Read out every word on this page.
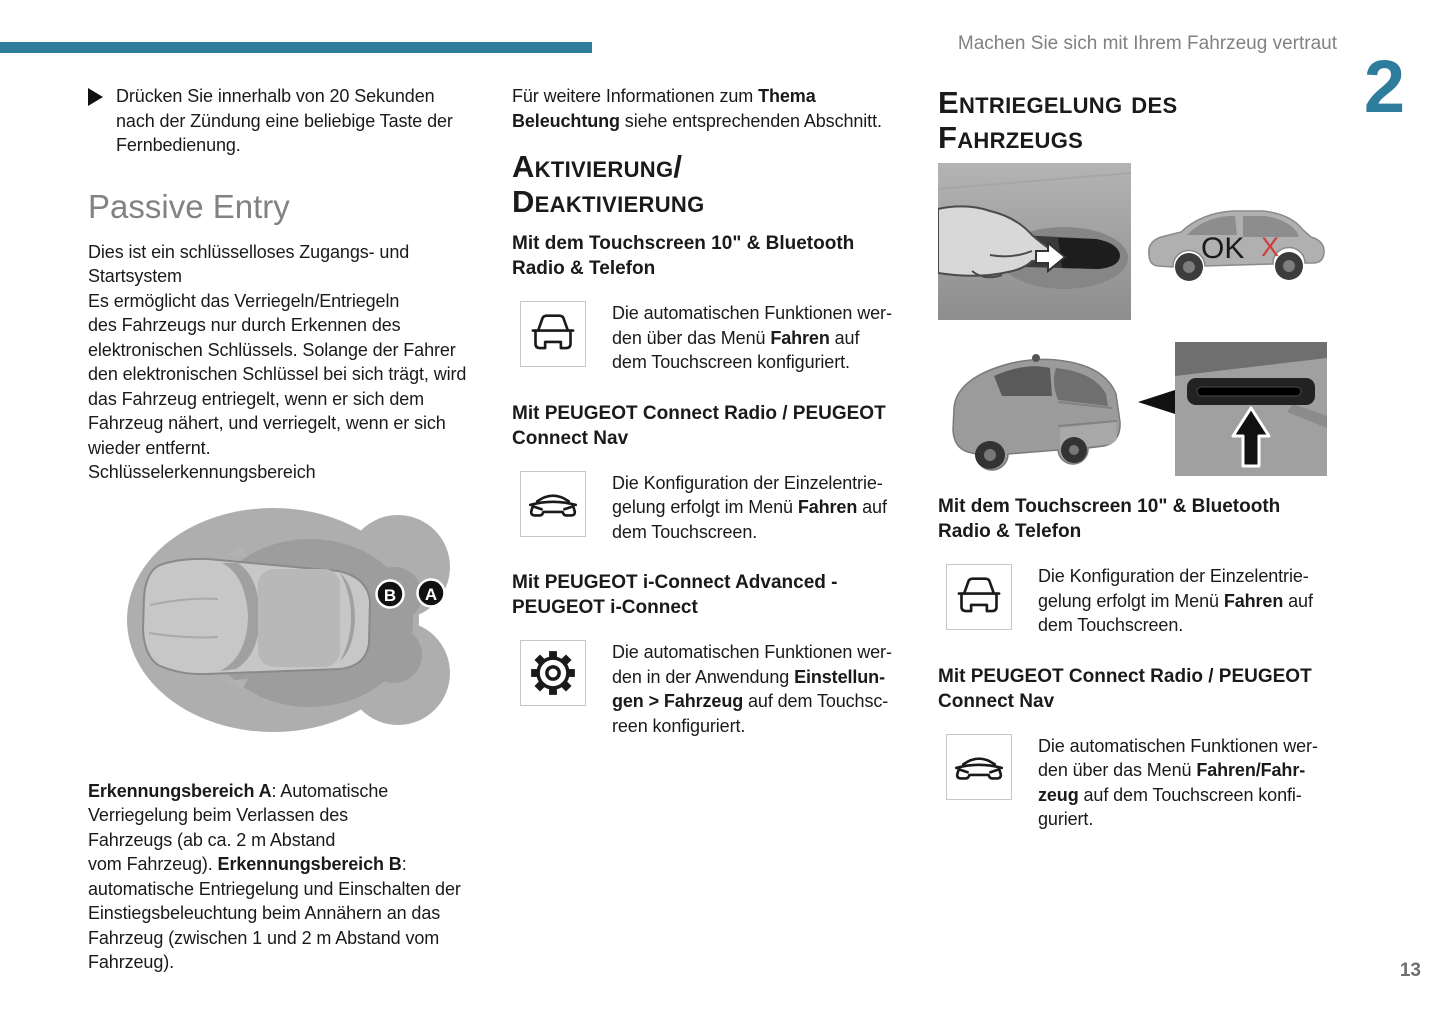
Machen Sie sich mit Ihrem Fahrzeug vertraut
2
13
Drücken Sie innerhalb von 20 Sekunden
nach der Zündung eine beliebige Taste der
Fernbedienung.
Passive Entry
Dies ist ein schlüsselloses Zugangs- und
Startsystem
Es ermöglicht das Verriegeln/Entriegeln
des Fahrzeugs nur durch Erkennen des
elektronischen Schlüssels. Solange der Fahrer
den elektronischen Schlüssel bei sich trägt, wird
das Fahrzeug entriegelt, wenn er sich dem
Fahrzeug nähert, und verriegelt, wenn er sich
wieder entfernt.
Schlüsselerkennungsbereich
B A
Erkennungsbereich A: Automatische
Verriegelung beim Verlassen des
Fahrzeugs (ab ca. 2 m Abstand
vom Fahrzeug). Erkennungsbereich B:
automatische Entriegelung und Einschalten der
Einstiegsbeleuchtung beim Annähern an das
Fahrzeug (zwischen 1 und 2 m Abstand vom
Fahrzeug).
Für weitere Informationen zum Thema
Beleuchtung siehe entsprechenden Abschnitt.
Aktivierung/
Deaktivierung
Mit dem Touchscreen 10" & Bluetooth
Radio & Telefon
Die automatischen Funktionen wer-
den über das Menü Fahren auf
dem Touchscreen konfiguriert.
Mit PEUGEOT Connect Radio / PEUGEOT
Connect Nav
Die Konfiguration der Einzelentrie-
gelung erfolgt im Menü Fahren auf
dem Touchscreen.
Mit PEUGEOT i-Connect Advanced -
PEUGEOT i-Connect
Die automatischen Funktionen wer-
den in der Anwendung Einstellun-
gen > Fahrzeug auf dem Touchsc-
reen konfiguriert.
Entriegelung des
Fahrzeugs
OK X
Mit dem Touchscreen 10" & Bluetooth
Radio & Telefon
Die Konfiguration der Einzelentrie-
gelung erfolgt im Menü Fahren auf
dem Touchscreen.
Mit PEUGEOT Connect Radio / PEUGEOT
Connect Nav
Die automatischen Funktionen wer-
den über das Menü Fahren/Fahr-
zeug auf dem Touchscreen konfi-
guriert.
